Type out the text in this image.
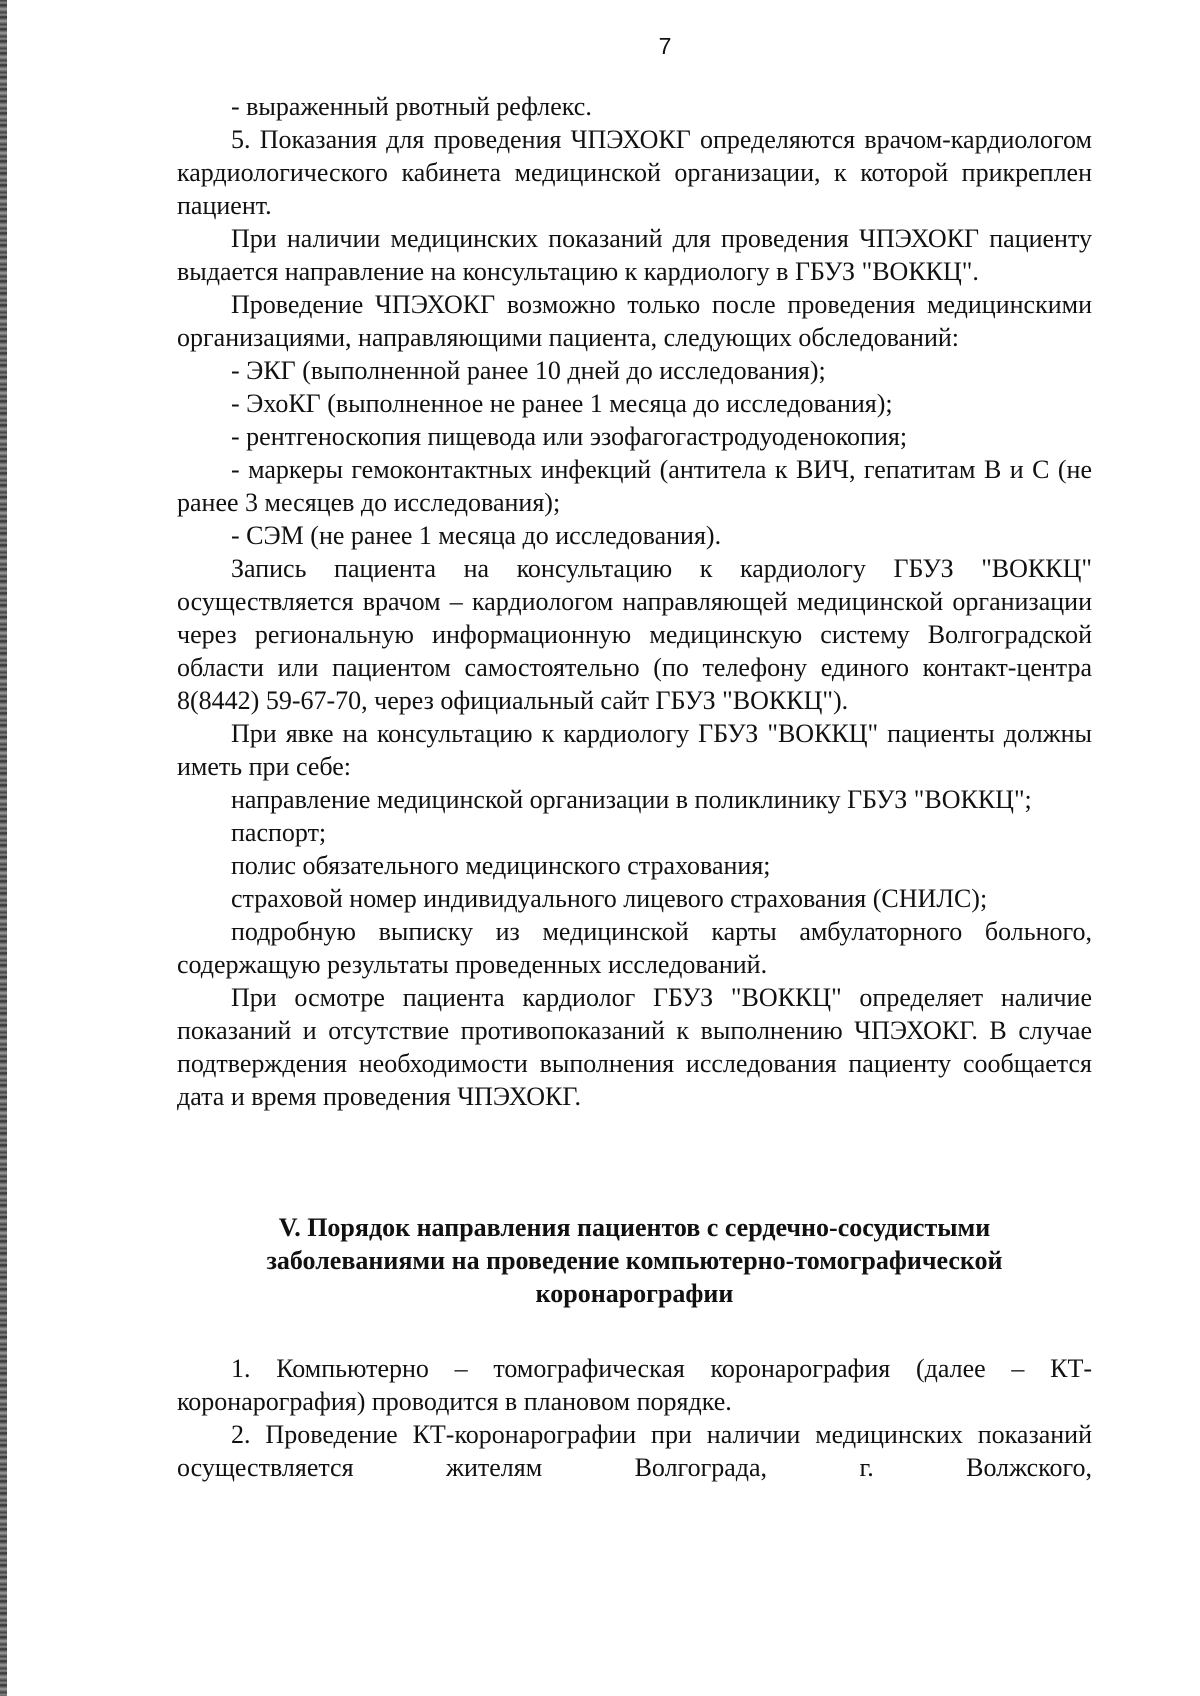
7

- выраженный рвотный рефлекс.

5. Показания для проведения ЧПЭХОКГ определяются врачом-кардиологом кардиологического кабинета медицинской организации, к которой прикреплен пациент.

При наличии медицинских показаний для проведения ЧПЭХОКГ пациенту выдается направление на консультацию к кардиологу в ГБУЗ "ВОККЦ".

Проведение ЧПЭХОКГ возможно только после проведения медицинскими организациями, направляющими пациента, следующих обследований:

- ЭКГ (выполненной ранее 10 дней до исследования);

- ЭхоКГ (выполненное не ранее 1 месяца до исследования);

- рентгеноскопия пищевода или эзофагогастродуоденокопия;

- маркеры гемоконтактных инфекций (антитела к ВИЧ, гепатитам В и С (не ранее 3 месяцев до исследования);

- СЭМ (не ранее 1 месяца до исследования).

Запись пациента на консультацию к кардиологу ГБУЗ "ВОККЦ" осуществляется врачом – кардиологом направляющей медицинской организации через региональную информационную медицинскую систему Волгоградской области или пациентом самостоятельно (по телефону единого контакт-центра 8(8442) 59-67-70, через официальный сайт ГБУЗ "ВОККЦ").

При явке на консультацию к кардиологу ГБУЗ "ВОККЦ" пациенты должны иметь при себе:

направление медицинской организации в поликлинику ГБУЗ "ВОККЦ";

паспорт;

полис обязательного медицинского страхования;

страховой номер индивидуального лицевого страхования (СНИЛС);

подробную выписку из медицинской карты амбулаторного больного, содержащую результаты проведенных исследований.

При осмотре пациента кардиолог ГБУЗ "ВОККЦ" определяет наличие показаний и отсутствие противопоказаний к выполнению ЧПЭХОКГ. В случае подтверждения необходимости выполнения исследования пациенту сообщается дата и время проведения ЧПЭХОКГ.

V. Порядок направления пациентов с сердечно-сосудистыми
заболеваниями на проведение компьютерно-томографической
коронарографии

1. Компьютерно – томографическая коронарография (далее – КТ-коронарография) проводится в плановом порядке.

2. Проведение КТ-коронарографии при наличии медицинских показаний осуществляется жителям Волгограда, г. Волжского,
